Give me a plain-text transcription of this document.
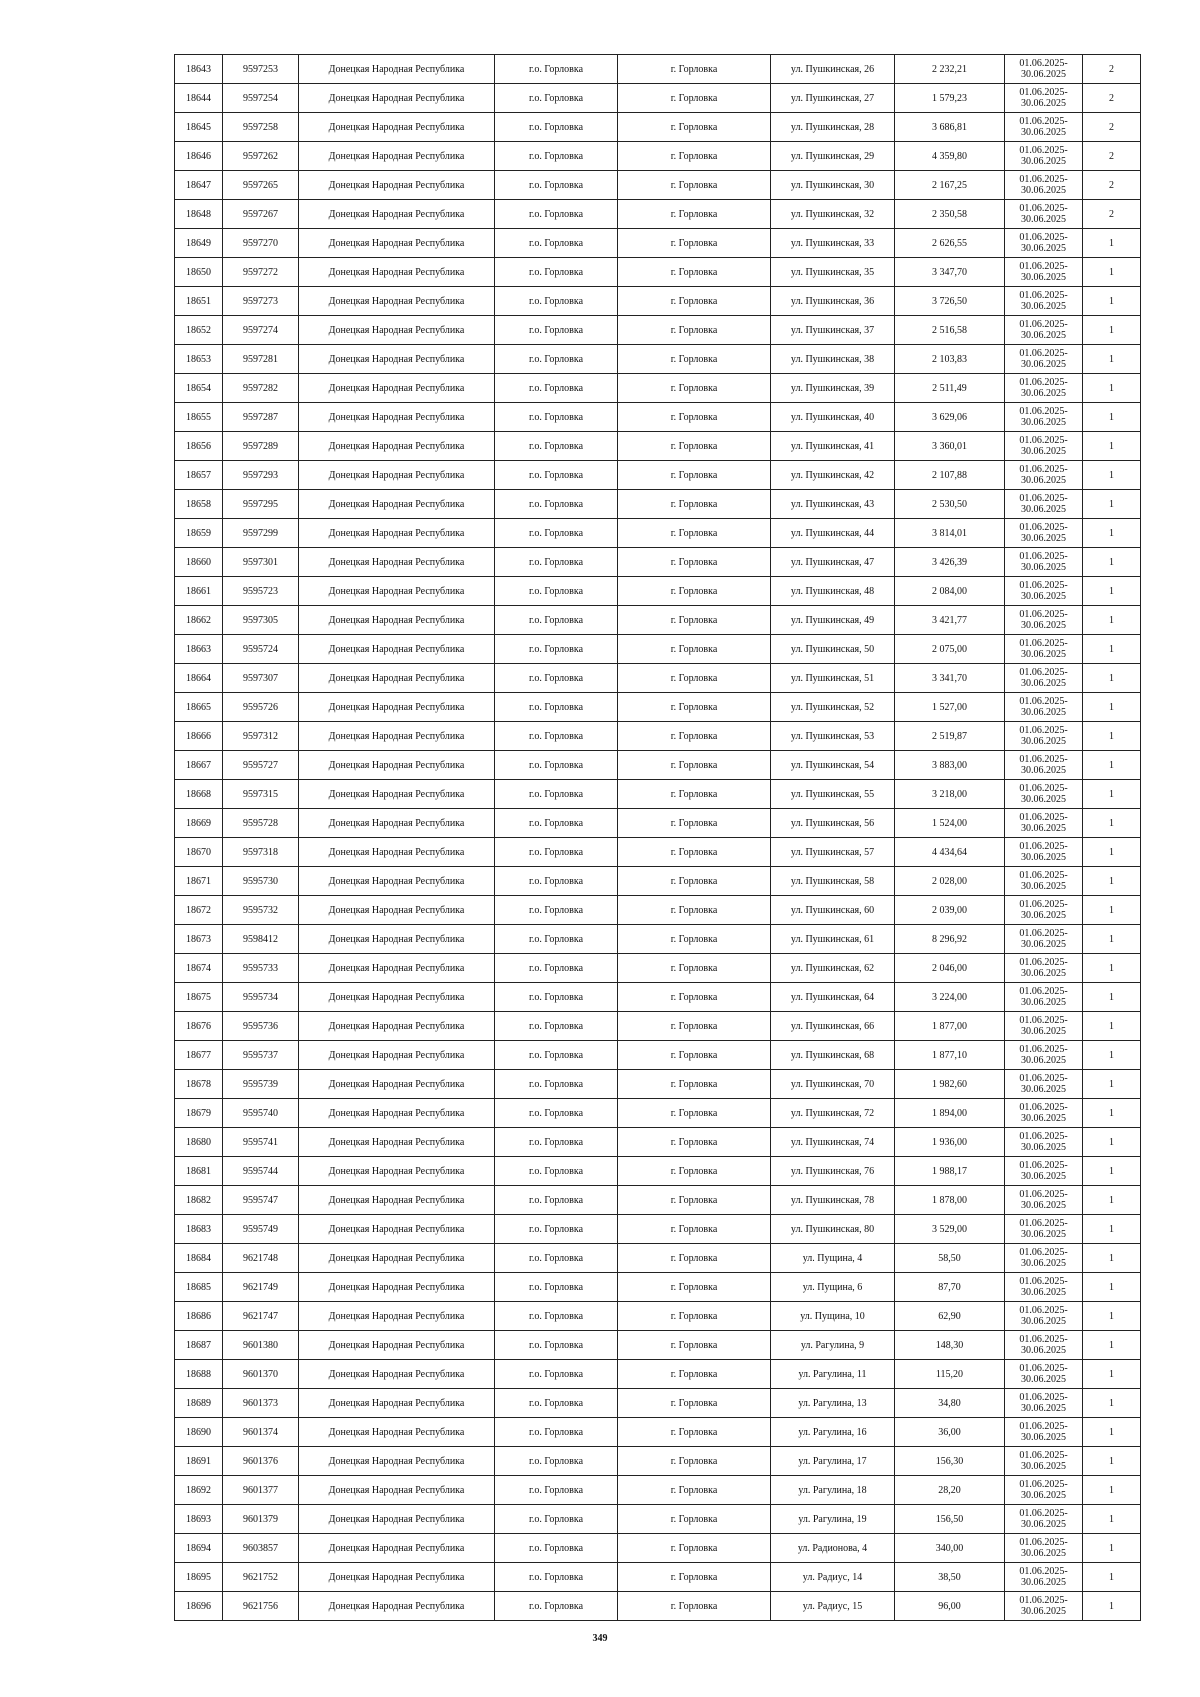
18643	9597253	Донецкая Народная Республика	г.о. Горловка	г. Горловка	ул. Пушкинская, 26	2 232,21	01.06.2025-
30.06.2025	2
18644	9597254	Донецкая Народная Республика	г.о. Горловка	г. Горловка	ул. Пушкинская, 27	1 579,23	01.06.2025-
30.06.2025	2
18645	9597258	Донецкая Народная Республика	г.о. Горловка	г. Горловка	ул. Пушкинская, 28	3 686,81	01.06.2025-
30.06.2025	2
18646	9597262	Донецкая Народная Республика	г.о. Горловка	г. Горловка	ул. Пушкинская, 29	4 359,80	01.06.2025-
30.06.2025	2
18647	9597265	Донецкая Народная Республика	г.о. Горловка	г. Горловка	ул. Пушкинская, 30	2 167,25	01.06.2025-
30.06.2025	2
18648	9597267	Донецкая Народная Республика	г.о. Горловка	г. Горловка	ул. Пушкинская, 32	2 350,58	01.06.2025-
30.06.2025	2
18649	9597270	Донецкая Народная Республика	г.о. Горловка	г. Горловка	ул. Пушкинская, 33	2 626,55	01.06.2025-
30.06.2025	1
18650	9597272	Донецкая Народная Республика	г.о. Горловка	г. Горловка	ул. Пушкинская, 35	3 347,70	01.06.2025-
30.06.2025	1
18651	9597273	Донецкая Народная Республика	г.о. Горловка	г. Горловка	ул. Пушкинская, 36	3 726,50	01.06.2025-
30.06.2025	1
18652	9597274	Донецкая Народная Республика	г.о. Горловка	г. Горловка	ул. Пушкинская, 37	2 516,58	01.06.2025-
30.06.2025	1
18653	9597281	Донецкая Народная Республика	г.о. Горловка	г. Горловка	ул. Пушкинская, 38	2 103,83	01.06.2025-
30.06.2025	1
18654	9597282	Донецкая Народная Республика	г.о. Горловка	г. Горловка	ул. Пушкинская, 39	2 511,49	01.06.2025-
30.06.2025	1
18655	9597287	Донецкая Народная Республика	г.о. Горловка	г. Горловка	ул. Пушкинская, 40	3 629,06	01.06.2025-
30.06.2025	1
18656	9597289	Донецкая Народная Республика	г.о. Горловка	г. Горловка	ул. Пушкинская, 41	3 360,01	01.06.2025-
30.06.2025	1
18657	9597293	Донецкая Народная Республика	г.о. Горловка	г. Горловка	ул. Пушкинская, 42	2 107,88	01.06.2025-
30.06.2025	1
18658	9597295	Донецкая Народная Республика	г.о. Горловка	г. Горловка	ул. Пушкинская, 43	2 530,50	01.06.2025-
30.06.2025	1
18659	9597299	Донецкая Народная Республика	г.о. Горловка	г. Горловка	ул. Пушкинская, 44	3 814,01	01.06.2025-
30.06.2025	1
18660	9597301	Донецкая Народная Республика	г.о. Горловка	г. Горловка	ул. Пушкинская, 47	3 426,39	01.06.2025-
30.06.2025	1
18661	9595723	Донецкая Народная Республика	г.о. Горловка	г. Горловка	ул. Пушкинская, 48	2 084,00	01.06.2025-
30.06.2025	1
18662	9597305	Донецкая Народная Республика	г.о. Горловка	г. Горловка	ул. Пушкинская, 49	3 421,77	01.06.2025-
30.06.2025	1
18663	9595724	Донецкая Народная Республика	г.о. Горловка	г. Горловка	ул. Пушкинская, 50	2 075,00	01.06.2025-
30.06.2025	1
18664	9597307	Донецкая Народная Республика	г.о. Горловка	г. Горловка	ул. Пушкинская, 51	3 341,70	01.06.2025-
30.06.2025	1
18665	9595726	Донецкая Народная Республика	г.о. Горловка	г. Горловка	ул. Пушкинская, 52	1 527,00	01.06.2025-
30.06.2025	1
18666	9597312	Донецкая Народная Республика	г.о. Горловка	г. Горловка	ул. Пушкинская, 53	2 519,87	01.06.2025-
30.06.2025	1
18667	9595727	Донецкая Народная Республика	г.о. Горловка	г. Горловка	ул. Пушкинская, 54	3 883,00	01.06.2025-
30.06.2025	1
18668	9597315	Донецкая Народная Республика	г.о. Горловка	г. Горловка	ул. Пушкинская, 55	3 218,00	01.06.2025-
30.06.2025	1
18669	9595728	Донецкая Народная Республика	г.о. Горловка	г. Горловка	ул. Пушкинская, 56	1 524,00	01.06.2025-
30.06.2025	1
18670	9597318	Донецкая Народная Республика	г.о. Горловка	г. Горловка	ул. Пушкинская, 57	4 434,64	01.06.2025-
30.06.2025	1
18671	9595730	Донецкая Народная Республика	г.о. Горловка	г. Горловка	ул. Пушкинская, 58	2 028,00	01.06.2025-
30.06.2025	1
18672	9595732	Донецкая Народная Республика	г.о. Горловка	г. Горловка	ул. Пушкинская, 60	2 039,00	01.06.2025-
30.06.2025	1
18673	9598412	Донецкая Народная Республика	г.о. Горловка	г. Горловка	ул. Пушкинская, 61	8 296,92	01.06.2025-
30.06.2025	1
18674	9595733	Донецкая Народная Республика	г.о. Горловка	г. Горловка	ул. Пушкинская, 62	2 046,00	01.06.2025-
30.06.2025	1
18675	9595734	Донецкая Народная Республика	г.о. Горловка	г. Горловка	ул. Пушкинская, 64	3 224,00	01.06.2025-
30.06.2025	1
18676	9595736	Донецкая Народная Республика	г.о. Горловка	г. Горловка	ул. Пушкинская, 66	1 877,00	01.06.2025-
30.06.2025	1
18677	9595737	Донецкая Народная Республика	г.о. Горловка	г. Горловка	ул. Пушкинская, 68	1 877,10	01.06.2025-
30.06.2025	1
18678	9595739	Донецкая Народная Республика	г.о. Горловка	г. Горловка	ул. Пушкинская, 70	1 982,60	01.06.2025-
30.06.2025	1
18679	9595740	Донецкая Народная Республика	г.о. Горловка	г. Горловка	ул. Пушкинская, 72	1 894,00	01.06.2025-
30.06.2025	1
18680	9595741	Донецкая Народная Республика	г.о. Горловка	г. Горловка	ул. Пушкинская, 74	1 936,00	01.06.2025-
30.06.2025	1
18681	9595744	Донецкая Народная Республика	г.о. Горловка	г. Горловка	ул. Пушкинская, 76	1 988,17	01.06.2025-
30.06.2025	1
18682	9595747	Донецкая Народная Республика	г.о. Горловка	г. Горловка	ул. Пушкинская, 78	1 878,00	01.06.2025-
30.06.2025	1
18683	9595749	Донецкая Народная Республика	г.о. Горловка	г. Горловка	ул. Пушкинская, 80	3 529,00	01.06.2025-
30.06.2025	1
18684	9621748	Донецкая Народная Республика	г.о. Горловка	г. Горловка	ул. Пущина, 4	58,50	01.06.2025-
30.06.2025	1
18685	9621749	Донецкая Народная Республика	г.о. Горловка	г. Горловка	ул. Пущина, 6	87,70	01.06.2025-
30.06.2025	1
18686	9621747	Донецкая Народная Республика	г.о. Горловка	г. Горловка	ул. Пущина, 10	62,90	01.06.2025-
30.06.2025	1
18687	9601380	Донецкая Народная Республика	г.о. Горловка	г. Горловка	ул. Рагулина, 9	148,30	01.06.2025-
30.06.2025	1
18688	9601370	Донецкая Народная Республика	г.о. Горловка	г. Горловка	ул. Рагулина, 11	115,20	01.06.2025-
30.06.2025	1
18689	9601373	Донецкая Народная Республика	г.о. Горловка	г. Горловка	ул. Рагулина, 13	34,80	01.06.2025-
30.06.2025	1
18690	9601374	Донецкая Народная Республика	г.о. Горловка	г. Горловка	ул. Рагулина, 16	36,00	01.06.2025-
30.06.2025	1
18691	9601376	Донецкая Народная Республика	г.о. Горловка	г. Горловка	ул. Рагулина, 17	156,30	01.06.2025-
30.06.2025	1
18692	9601377	Донецкая Народная Республика	г.о. Горловка	г. Горловка	ул. Рагулина, 18	28,20	01.06.2025-
30.06.2025	1
18693	9601379	Донецкая Народная Республика	г.о. Горловка	г. Горловка	ул. Рагулина, 19	156,50	01.06.2025-
30.06.2025	1
18694	9603857	Донецкая Народная Республика	г.о. Горловка	г. Горловка	ул. Радионова, 4	340,00	01.06.2025-
30.06.2025	1
18695	9621752	Донецкая Народная Республика	г.о. Горловка	г. Горловка	ул. Радиус, 14	38,50	01.06.2025-
30.06.2025	1
18696	9621756	Донецкая Народная Республика	г.о. Горловка	г. Горловка	ул. Радиус, 15	96,00	01.06.2025-
30.06.2025	1
349
